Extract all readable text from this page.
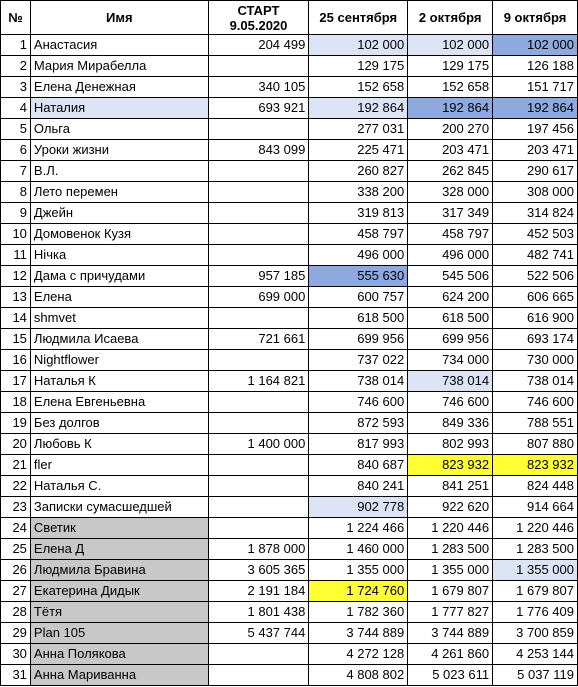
№	Имя	СТАРТ
9.05.2020	25 сентября	2 октября	9 октября
1	Анастасия	204 499	102 000	102 000	102 000
2	Мария Мирабелла		129 175	129 175	126 188
3	Елена Денежная	340 105	152 658	152 658	151 717
4	Наталия	693 921	192 864	192 864	192 864
5	Ольга		277 031	200 270	197 456
6	Уроки жизни	843 099	225 471	203 471	203 471
7	В.Л.		260 827	262 845	290 617
8	Лето перемен		338 200	328 000	308 000
9	Джейн		319 813	317 349	314 824
10	Домовенок Кузя		458 797	458 797	452 503
11	Нічка		496 000	496 000	482 741
12	Дама с причудами	957 185	555 630	545 506	522 506
13	Елена	699 000	600 757	624 200	606 665
14	shmvet		618 500	618 500	616 900
15	Людмила Исаева	721 661	699 956	699 956	693 174
16	Nightflower		737 022	734 000	730 000
17	Наталья К	1 164 821	738 014	738 014	738 014
18	Елена Евгеньевна		746 600	746 600	746 600
19	Без долгов		872 593	849 336	788 551
20	Любовь К	1 400 000	817 993	802 993	807 880
21	fler		840 687	823 932	823 932
22	Наталья С.		840 241	841 251	824 448
23	Записки сумасшедшей		902 778	922 620	914 664
24	Светик		1 224 466	1 220 446	1 220 446
25	Елена Д	1 878 000	1 460 000	1 283 500	1 283 500
26	Людмила Бравина	3 605 365	1 355 000	1 355 000	1 355 000
27	Екатерина Дидык	2 191 184	1 724 760	1 679 807	1 679 807
28	Тётя	1 801 438	1 782 360	1 777 827	1 776 409
29	Plan 105	5 437 744	3 744 889	3 744 889	3 700 859
30	Анна Полякова		4 272 128	4 261 860	4 253 144
31	Анна Мариванна		4 808 802	5 023 611	5 037 119
